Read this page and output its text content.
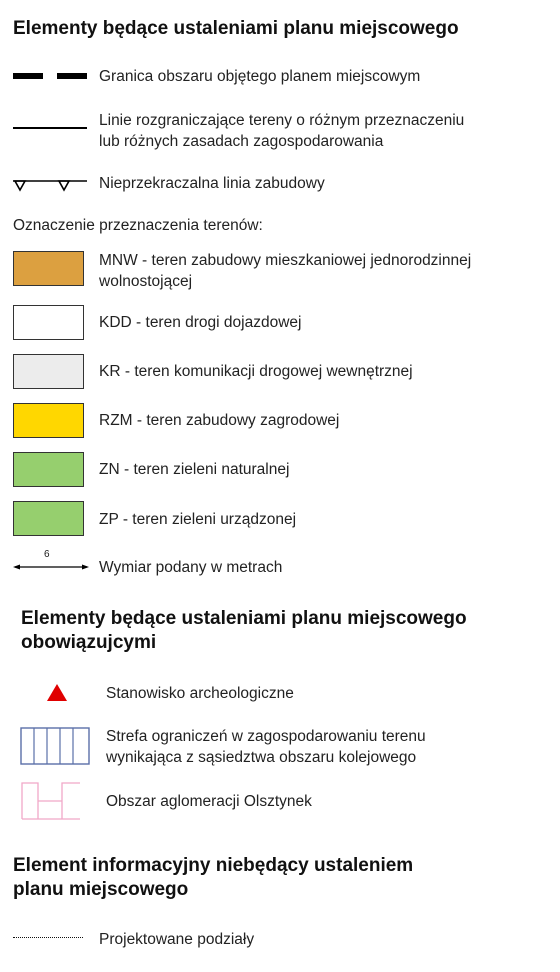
Elementy będące ustaleniami planu miejscowego
Granica obszaru objętego planem miejscowym
Linie rozgraniczające tereny o różnym przeznaczeniu
lub różnych zasadach zagospodarowania
Nieprzekraczalna linia zabudowy
Oznaczenie przeznaczenia terenów:
MNW - teren zabudowy mieszkaniowej jednorodzinnej
wolnostojącej
KDD - teren drogi dojazdowej
KR - teren komunikacji drogowej wewnętrznej
RZM - teren zabudowy zagrodowej
ZN - teren zieleni naturalnej
ZP - teren zieleni urządzonej
6
Wymiar podany w metrach
Elementy będące ustaleniami planu miejscowego
obowiązujcymi
Stanowisko archeologiczne
Strefa ograniczeń w zagospodarowaniu terenu
wynikająca z sąsiedztwa obszaru kolejowego
Obszar aglomeracji Olsztynek
Element informacyjny niebędący ustaleniem
planu miejscowego
Projektowane podziały
